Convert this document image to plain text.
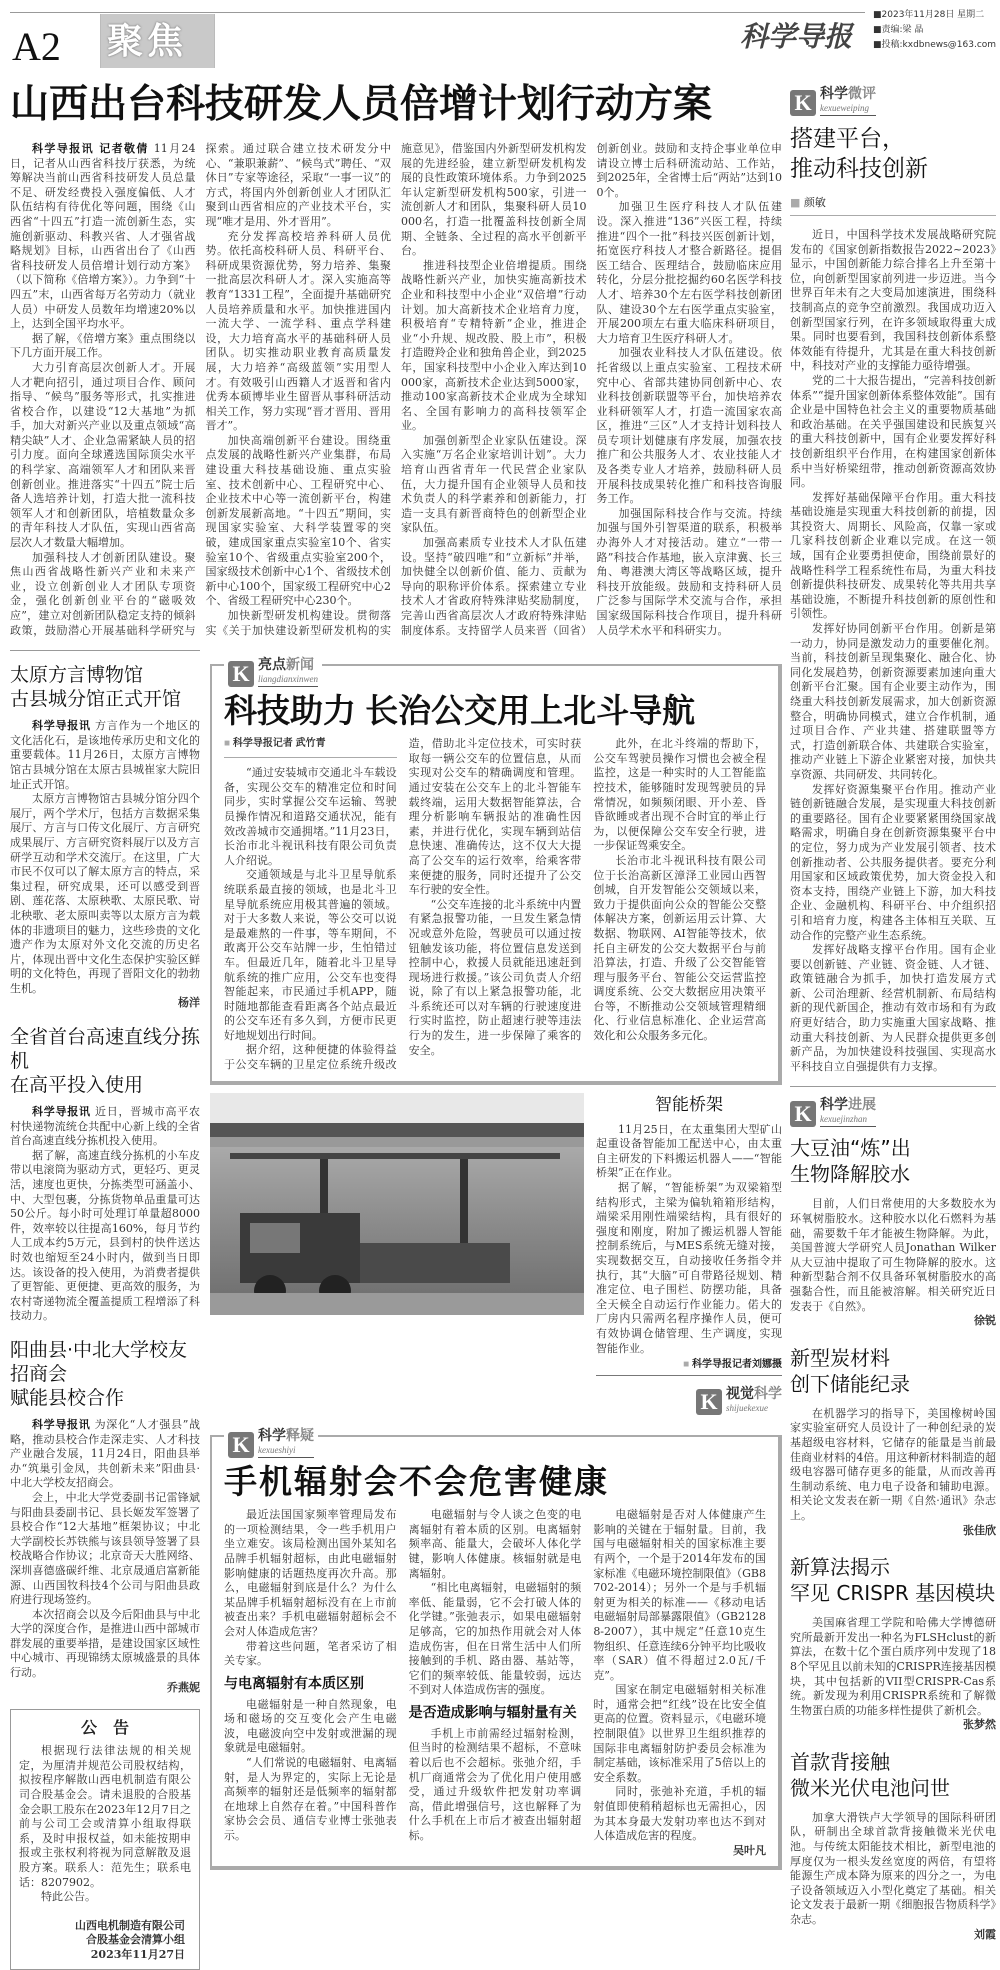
A2 聚焦	科学导报
■2023年11月28日 星期二
■责编:梁 晶
■投稿:kxdbnews@163.com
山西出台科技研发人员倍增计划行动方案

科学导报讯 记者敬倩 11月24日，记者从山西省科技厅获悉，为统筹解决当前山西省科技研发人员总量不足、研发经费投入强度偏低、人才队伍结构有待优化等问题，围绕《山西省“十四五”打造一流创新生态，实施创新驱动、科教兴省、人才强省战略规划》目标，山西省出台了《山西省科技研发人员倍增计划行动方案》（以下简称《倍增方案》）。力争到“十四五”末，山西省每万名劳动力（就业人员）中研发人员数年均增速20%以上，达到全国平均水平。

据了解，《倍增方案》重点围绕以下几方面开展工作。

大力引育高层次创新人才。开展人才靶向招引，通过项目合作、顾问指导、“候鸟”服务等形式，扎实推进省校合作，以建设“12大基地”为抓手，加大对新兴产业以及重点领域“高精尖缺”人才、企业急需紧缺人员的招引力度。面向全球遴选国际顶尖水平的科学家、高端领军人才和团队来晋创新创业。推进落实“十四五”院士后备人选培养计划，打造大批一流科技领军人才和创新团队，培植数量众多的青年科技人才队伍，实现山西省高层次人才数量大幅增加。

加强科技人才创新团队建设。聚焦山西省战略性新兴产业和未来产业，设立创新创业人才团队专项资金，强化创新创业平台的“磁吸效应”，建立对创新团队稳定支持的倾斜政策，鼓励潜心开展基础科学研究与探索。通过联合建立技术研发分中心、“兼职兼薪”、“候鸟式”聘任、“双休日”专家等途径，采取“一事一议”的方式，将国内外创新创业人才团队汇聚到山西省相应的产业技术平台，实现“唯才是用、外才晋用”。

充分发挥高校培养科研人员优势。依托高校科研人员、科研平台、科研成果资源优势，努力培养、集聚一批高层次科研人才。深入实施高等教育“1331工程”，全面提升基础研究人员培养质量和水平。加快推进国内一流大学、一流学科、重点学科建设，大力培育高水平的基础科研人员团队。切实推动职业教育高质量发展，大力培养“高级蓝领”实用型人才。有效吸引山西籍人才返晋和省内优秀本硕博毕业生留晋从事科研活动相关工作，努力实现“晋才晋用、晋用晋才”。

加快高端创新平台建设。围绕重点发展的战略性新兴产业集群，布局建设重大科技基础设施、重点实验室、技术创新中心、工程研究中心、企业技术中心等一流创新平台，构建创新发展新高地。“十四五”期间，实现国家实验室、大科学装置零的突破，建成国家重点实验室10个、省实验室10个、省级重点实验室200个，国家级技术创新中心1个、省级技术创新中心100个，国家级工程研究中心2个、省级工程研究中心230个。

加快新型研发机构建设。贯彻落实《关于加快建设新型研发机构的实施意见》，借鉴国内外新型研发机构发展的先进经验，建立新型研发机构发展的良性政策环境体系。力争到2025年认定新型研发机构500家，引进一流创新人才和团队，集聚科研人员10000名，打造一批覆盖科技创新全周期、全链条、全过程的高水平创新平台。

推进科技型企业倍增提质。围绕战略性新兴产业，加快实施高新技术企业和科技型中小企业“双倍增”行动计划。加大高新技术企业培育力度，积极培育“专精特新”企业，推进企业“小升规、规改股、股上市”，积极打造瞪羚企业和独角兽企业，到2025年，国家科技型中小企业入库达到10000家，高新技术企业达到5000家，推动100家高新技术企业成为全球知名、全国有影响力的高科技领军企业。

加强创新型企业家队伍建设。深入实施“万名企业家培训计划”。大力培育山西省青年一代民营企业家队伍，大力提升国有企业领导人员和技术负责人的科学素养和创新能力，打造一支具有新晋商特色的创新型企业家队伍。

加强高素质专业技术人才队伍建设。坚持“破四唯”和“立新标”并举，加快健全以创新价值、能力、贡献为导向的职称评价体系。探索建立专业技术人才省政府特殊津贴奖励制度，完善山西省高层次人才政府特殊津贴制度体系。支持留学人员来晋（回省）创新创业。鼓励和支持企事业单位申请设立博士后科研流动站、工作站，到2025年，全省博士后“两站”达到100个。

加强卫生医疗科技人才队伍建设。深入推进“136”兴医工程，持续推进“四个一批”科技兴医创新计划，拓宽医疗科技人才整合新路径。提倡医工结合、医理结合，鼓励临床应用转化，分层分批挖掘约60名医学科技人才、培养30个左右医学科技创新团队、建设30个左右医学重点实验室，开展200项左右重大临床科研项目，大力培育卫生医疗科研人才。

加强农业科技人才队伍建设。依托省级以上重点实验室、工程技术研究中心、省部共建协同创新中心、农业科技创新联盟等平台，加快培养农业科研领军人才，打造一流国家农高区，推进“三区”人才支持计划科技人员专项计划健康有序发展，加强农技推广和公共服务人才、农业技能人才及各类专业人才培养，鼓励科研人员开展科技成果转化推广和科技咨询服务工作。

加强国际科技合作与交流。持续加强与国外引智渠道的联系，积极举办海外人才对接活动。建立“一带一路”科技合作基地，嵌入京津冀、长三角、粤港澳大湾区等战略区域，提升科技开放能级。鼓励和支持科研人员广泛参与国际学术交流与合作，承担国家级国际科技合作项目，提升科研人员学术水平和科研实力。

太原方言博物馆
古县城分馆正式开馆

科学导报讯 方言作为一个地区的文化活化石，是该地传承历史和文化的重要载体。11月26日，太原方言博物馆古县城分馆在太原古县城崔家大院旧址正式开馆。

太原方言博物馆古县城分馆分四个展厅，两个学术厅，包括方言数据采集展厅、方言与口传文化展厅、方言研究成果展厅、方言研究资料展厅以及方言研学互动和学术交流厅。在这里，广大市民不仅可以了解太原方言的特点，采集过程，研究成果，还可以感受到晋剧、莲花落、太原秧歌、太原民歌、岢北秧歌、老太原叫卖等以太原方言为载体的非遗项目的魅力，这些珍贵的文化遗产作为太原对外文化交流的历史名片，体现出晋中文化生态保护实验区鲜明的文化特色，再现了晋阳文化的勃勃生机。

杨洋
全省首台高速直线分拣机
在高平投入使用

科学导报讯 近日，晋城市高平农村快递物流统仓共配中心新上线的全省首台高速直线分拣机投入使用。

据了解，高速直线分拣机的小车皮带以电滚筒为驱动方式，更轻巧、更灵活，速度也更快，分拣类型可涵盖小、中、大型包裹，分拣货物单品重量可达50公斤。每小时可处理订单量超8000件，效率较以往提高160%，每月节约人工成本约5万元，县到村的快件送达时效也缩短至24小时内，做到当日即达。该设备的投入使用，为消费者提供了更智能、更便捷、更高效的服务，为农村寄递物流全覆盖提质工程增添了科技动力。

阳曲县·中北大学校友招商会
赋能县校合作

科学导报讯 为深化“人才强县”战略，推动县校合作走深走实、人才科技产业融合发展，11月24日，阳曲县举办“筑巢引金凤，共创新未来”阳曲县·中北大学校友招商会。

会上，中北大学党委副书记雷锋斌与阳曲县委副书记、县长姬发军签署了县校合作“12大基地”框架协议；中北大学副校长苏铁熊与该县领导签署了县校战略合作协议；北京奇天大胜网络、深圳喜德盛碳纤维、北京晟通启富新能源、山西国牧科技4个公司与阳曲县政府进行现场签约。

本次招商会以及今后阳曲县与中北大学的深度合作，是推进山西中部城市群发展的重要举措，是建设国家区域性中心城市、再现锦绣太原城盛景的具体行动。

乔燕妮
公　告

根据现行法律法规的相关规定，为厘清并规范公司股权结构，拟按程序解散山西电机制造有限公司合股基金会。请未退股的合股基金会职工股东在2023年12月7日之前与公司工会或清算小组取得联系，及时申报权益，如未能按期申报或主张权利将视为同意解散及退股方案。联系人：范先生；联系电话：8207902。

特此公告。

山西电机制造有限公司
合股基金会清算小组
2023年11月27日
K 亮点新闻
liangdianxinwen
科技助力 长治公交用上北斗导航
■ 科学导报记者 武竹青

“通过安装城市交通北斗车载设备，实现公交车的精准定位和时间同步，实时掌握公交车运输、驾驶员操作情况和道路交通状况，能有效改善城市交通拥堵。”11月23日，长治市北斗视讯科技有限公司负责人介绍说。

交通领域是与北斗卫星导航系统联系最直接的领域，也是北斗卫星导航系统应用极其普遍的领域。对于大多数人来说，等公交可以说是最难熬的一件事，等车期间，不敢离开公交车站牌一步，生怕错过车。但最近几年，随着北斗卫星导航系统的推广应用，公交车也变得智能起来，市民通过手机APP，随时随地都能查看距离各个站点最近的公交车还有多久到，方便市民更好地规划出行时间。

据介绍，这种便捷的体验得益于公交车辆的卫星定位系统升级改造，借助北斗定位技术，可实时获取每一辆公交车的位置信息，从而实现对公交车的精确调度和管理。通过安装在公交车上的北斗智能车载终端，运用大数据智能算法，合理分析影响车辆报站的准确性因素，并进行优化，实现车辆到站信息快速、准确传达，这不仅大大提高了公交车的运行效率，给乘客带来便捷的服务，同时还提升了公交车行驶的安全性。

“公交车连接的北斗系统中内置有紧急报警功能，一旦发生紧急情况或意外危险，驾驶员可以通过按钮触发该功能，将位置信息发送到控制中心，救援人员就能迅速赶到现场进行救援。”该公司负责人介绍说，除了有以上紧急报警功能，北斗系统还可以对车辆的行驶速度进行实时监控，防止超速行驶等违法行为的发生，进一步保障了乘客的安全。

此外，在北斗终端的帮助下，公交车驾驶员操作习惯也会被全程监控，这是一种实时的人工智能监控技术，能够随时发现驾驶员的异常情况，如频频闭眼、开小差、昏昏欲睡或者出现不合时宜的举止行为，以便保障公交车安全行驶，进一步保证驾乘安全。

长治市北斗视讯科技有限公司位于长治高新区漳泽工业园山西智创城，自开发智能公交领域以来，致力于提供面向公众的智能公交整体解决方案，创新运用云计算、大数据、物联网、AI智能等技术，依托自主研发的公交大数据平台与前沿算法，打造、升级了公交智能管理与服务平台、智能公交运营监控调度系统、公交大数据应用决策平台等，不断推动公交领域管理精细化、行业信息标准化、企业运营高效化和公众服务多元化。

智能桥架

11月25日，在太重集团大型矿山起重设备智能加工配送中心，由太重自主研发的下料搬运机器人——“智能桥架”正在作业。

据了解，“智能桥架”为双梁箱型结构形式，主梁为偏轨箱箱形结构，端梁采用刚性端梁结构，具有很好的强度和刚度，附加了搬运机器人智能控制系统后，与MES系统无缝对接，实现数据交互，自动接收任务指令并执行，其“大脑”可自带路径规划、精准定位、电子围栏、防摆功能，具备全天候全自动运行作业能力。偌大的厂房内只需两名程序操作人员，便可有效协调仓储管理、生产调度，实现智能作业。

■ 科学导报记者刘娜摄
K 视觉科学
shijuekexue
K 科学释疑
kexueshiyi
手机辐射会不会危害健康

最近法国国家频率管理局发布的一项检测结果，令一些手机用户坐立难安。该局检测出国外某知名品牌手机辐射超标，由此电磁辐射影响健康的话题热度再次升高。那么，电磁辐射到底是什么？为什么某品牌手机辐射超标没有在上市前被查出来？手机电磁辐射超标会不会对人体造成危害？

带着这些问题，笔者采访了相关专家。

与电离辐射有本质区别

电磁辐射是一种自然现象，电场和磁场的交互变化会产生电磁波，电磁波向空中发射或泄漏的现象就是电磁辐射。

“人们常说的电磁辐射、电离辐射，是人为界定的，实际上无论是高频率的辐射还是低频率的辐射都在地球上自然存在着。”中国科普作家协会会员、通信专业博士张弛表示。

电磁辐射与令人谈之色变的电离辐射有着本质的区别。电离辐射频率高、能量大，会破坏人体化学键，影响人体健康。核辐射就是电离辐射。

“相比电离辐射，电磁辐射的频率低、能量弱，它不会打破人体的化学键。”张弛表示，如果电磁辐射足够高，它的加热作用就会对人体造成伤害，但在日常生活中人们所接触到的手机、路由器、基站等，它们的频率较低、能量较弱，远达不到对人体造成伤害的强度。

是否造成影响与辐射量有关

手机上市前需经过辐射检测，但当时的检测结果不超标，不意味着以后也不会超标。张弛介绍，手机厂商通常会为了优化用户使用感受，通过升级软件把发射功率调高，借此增强信号，这也解释了为什么手机在上市后才被查出辐射超标。

电磁辐射是否对人体健康产生影响的关键在于辐射量。目前，我国与电磁辐射相关的国家标准主要有两个，一个是于2014年发布的国家标准《电磁环境控制限值》（GB8702-2014）；另外一个是与手机辐射更为相关的标准——《移动电话电磁辐射局部暴露限值》（GB21288-2007），其中规定“任意10克生物组织、任意连续6分钟平均比吸收率（SAR）值不得超过2.0瓦/千克”。

国家在制定电磁辐射相关标准时，通常会把“红线”设在比安全值更高的位置。资料显示，《电磁环境控制限值》以世界卫生组织推荐的国际非电离辐射防护委员会标准为制定基础，该标准采用了5倍以上的安全系数。

同时，张弛补充道，手机的辐射值即使稍稍超标也无需担心，因为其本身最大发射功率也达不到对人体造成危害的程度。

吴叶凡

K 科学微评
kexueweiping
搭建平台，
推动科技创新
■ 颜敏

近日，中国科学技术发展战略研究院发布的《国家创新指数报告2022~2023》显示，中国创新能力综合排名上升至第十位，向创新型国家前列进一步迈进。当今世界百年未有之大变局加速演进，围绕科技制高点的竞争空前激烈。我国成功迈入创新型国家行列，在许多领域取得重大成果。同时也要看到，我国科技创新体系整体效能有待提升，尤其是在重大科技创新中，科技对产业的支撑能力亟待增强。

党的二十大报告提出，“完善科技创新体系”“提升国家创新体系整体效能”。国有企业是中国特色社会主义的重要物质基础和政治基础。在关乎强国建设和民族复兴的重大科技创新中，国有企业要发挥好科技创新组织平台作用，在构建国家创新体系中当好桥梁纽带，推动创新资源高效协同。

发挥好基础保障平台作用。重大科技基础设施是实现重大科技创新的前提，因其投资大、周期长、风险高，仅靠一家或几家科技创新企业难以完成。在这一领域，国有企业要勇担使命，围绕前景好的战略性科学工程系统性布局，为重大科技创新提供科技研发、成果转化等共用共享基础设施，不断提升科技创新的原创性和引领性。

发挥好协同创新平台作用。创新是第一动力，协同是激发动力的重要催化剂。当前，科技创新呈现集聚化、融合化、协同化发展趋势，创新资源要素加速向重大创新平台汇聚。国有企业要主动作为，围绕重大科技创新发展需求，加大创新资源整合，明确协同模式，建立合作机制，通过项目合作、产业共建、搭建联盟等方式，打造创新联合体、共建联合实验室，推动产业链上下游企业紧密对接，加快共享资源、共同研发、共同转化。

发挥好资源集聚平台作用。推动产业链创新链融合发展，是实现重大科技创新的重要路径。国有企业要紧紧围绕国家战略需求，明确自身在创新资源集聚平台中的定位，努力成为产业发展引领者、技术创新推动者、公共服务提供者。要充分利用国家和区域政策优势，加大资金投入和资本支持，围绕产业链上下游，加大科技企业、金融机构、科研平台、中介组织招引和培育力度，构建各主体相互关联、互动合作的完整产业生态系统。

发挥好战略支撑平台作用。国有企业要以创新链、产业链、资金链、人才链、政策链融合为抓手，加快打造发展方式新、公司治理新、经营机制新、布局结构新的现代新国企，推动有效市场和有为政府更好结合，助力实施重大国家战略、推动重大科技创新、为人民群众提供更多创新产品，为加快建设科技强国、实现高水平科技自立自强提供有力支撑。

K 科学进展
kexuejinzhan
大豆油“炼”出
生物降解胶水

目前，人们日常使用的大多数胶水为环氧树脂胶水。这种胶水以化石燃料为基础，需要数千年才能被生物降解。为此，美国普渡大学研究人员Jonathan Wilker从大豆油中提取了可生物降解的胶水。这种新型黏合剂不仅具备环氧树脂胶水的高强黏合性，而且能被溶解。相关研究近日发表于《自然》。

徐锐
新型炭材料
创下储能纪录

在机器学习的指导下，美国橡树岭国家实验室研究人员设计了一种创纪录的炭基超级电容材料，它储存的能量是当前最佳商业材料的4倍。用这种新材料制造的超级电容器可储存更多的能量，从而改善再生制动系统、电力电子设备和辅助电源。相关论文发表在新一期《自然·通讯》杂志上。

张佳欣
新算法揭示
罕见 CRISPR 基因模块

美国麻省理工学院和哈佛大学博德研究所最新开发出一种名为FLSHclust的新算法，在数十亿个蛋白质序列中发现了188个罕见且以前未知的CRISPR连接基因模块，其中包括新的VII型CRISPR-Cas系统。新发现为利用CRISPR系统和了解微生物蛋白质的功能多样性提供了新机会。

张梦然
首款背接触
微米光伏电池问世

加拿大滑铁卢大学领导的国际科研团队，研制出全球首款背接触微米光伏电池。与传统太阳能技术相比，新型电池的厚度仅为一根头发丝宽度的两倍，有望将能源生产成本降为原来的四分之一，为电子设备领域迈入小型化奠定了基础。相关论文发表于最新一期《细胞报告物质科学》杂志。

刘霞
